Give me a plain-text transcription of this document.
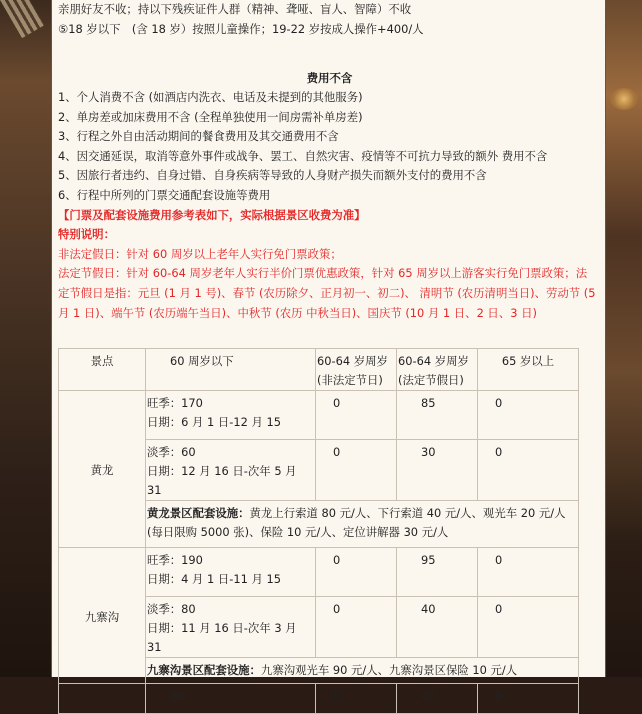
亲朋好友不收；持以下残疾证件人群（精神、聋哑、盲人、智障）不收
⑤18 岁以下　(含 18 岁）按照儿童操作；19-22 岁按成人操作+400/人
费用不含
1、个人消费不含 (如酒店内洗衣、电话及未提到的其他服务)
2、单房差或加床费用不含 (全程单独使用一间房需补单房差)
3、行程之外自由活动期间的餐食费用及其交通费用不含
4、因交通延误，取消等意外事件或战争、罢工、自然灾害、疫情等不可抗力导致的额外 费用不含
5、因旅行者违约、自身过错、自身疾病等导致的人身财产损失而额外支付的费用不含
6、行程中所列的门票交通配套设施等费用
【门票及配套设施费用参考表如下，实际根据景区收费为准】
特别说明：
非法定假日：针对 60 周岁以上老年人实行免门票政策；
法定节假日：针对 60-64 周岁老年人实行半价门票优惠政策，针对 65 周岁以上游客实行免门票政策；法
定节假日是指：元旦 (1 月 1 号)、春节 (农历除夕、正月初一、初二)、 清明节 (农历清明当日)、劳动节 (5
月 1 日)、端午节 (农历端午当日)、中秋节 (农历 中秋当日)、国庆节 (10 月 1 日、2 日、3 日)
景点	60 周岁以下	60-64 岁周岁(非法定节日)	60-64 岁周岁(法定节假日)	65 岁以上
黄龙	旺季：170
日期：6 月 1 日-12 月 15	0	85	0

	淡季：60
日期：12 月 16 日-次年 5 月 31	0	30	0
	黄龙景区配套设施：黄龙上行索道 80 元/人、下行索道 40 元/人、观光车 20 元/人 (每日限购 5000 张)、保险 10 元/人、定位讲解器 30 元/人			
九寨沟	旺季：190
日期：4 月 1 日-11 月 15	0	95	0

	淡季：80
日期：11 月 16 日-次年 3 月 31	0	40	0
	九寨沟景区配套设施：九寨沟观光车 90 元/人、九寨沟景区保险 10 元/人			
	80	0	40	0
